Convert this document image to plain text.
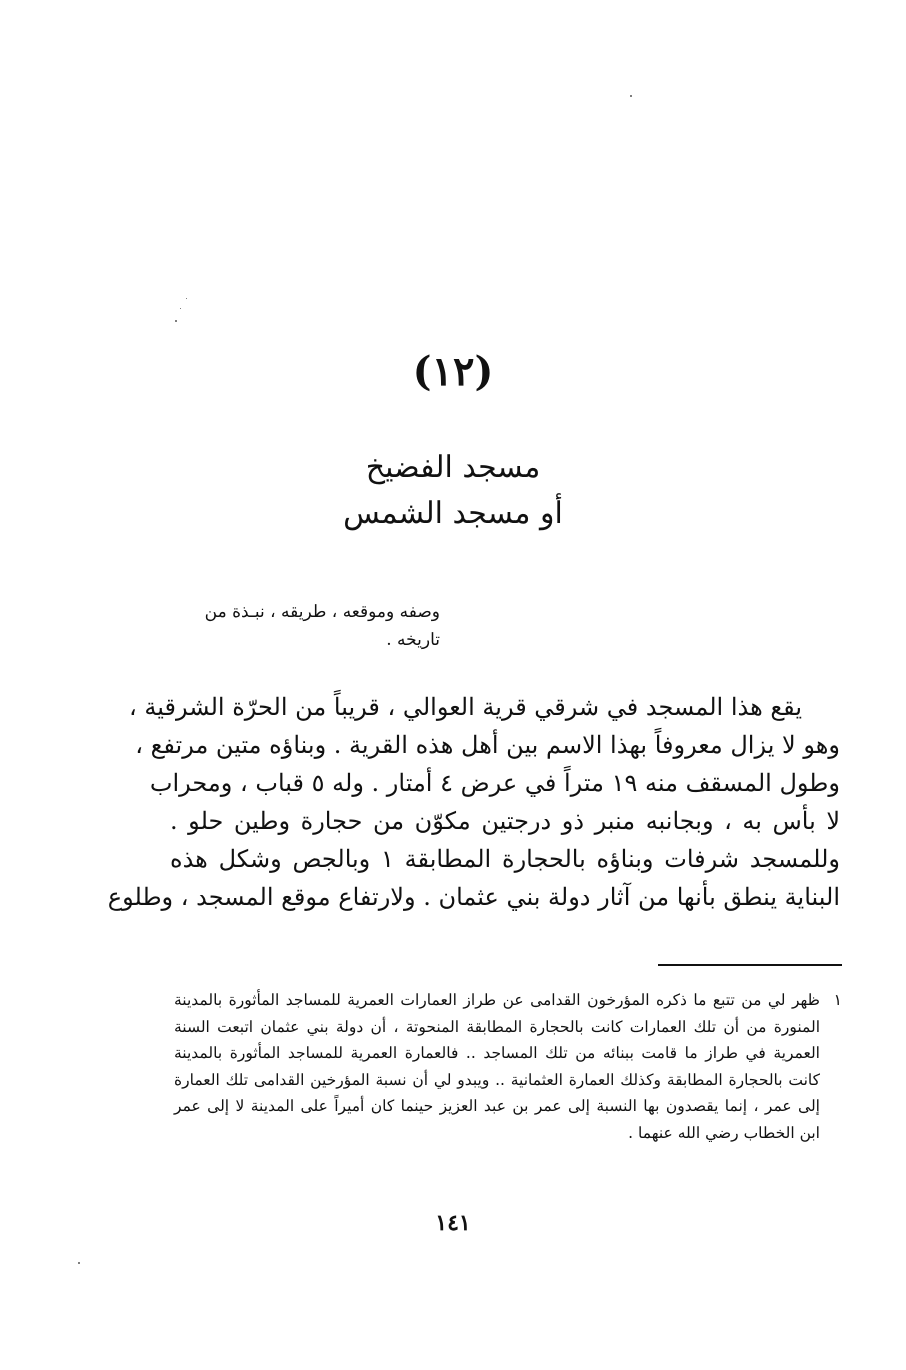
(١٢)
مسجد الفضيخ
أو مسجد الشمس
وصفه وموقعه ، طريقه ، نبـذة من
تاريخه .
يقع هذا المسجد في شرقي قرية العوالي ، قريباً من الحرّة الشرقية ،
وهو لا يزال معروفاً بهذا الاسم بين أهل هذه القرية . وبناؤه متين مرتفع ،
وطول المسقف منه ١٩ متراً في عرض ٤ أمتار . وله ٥ قباب ، ومحراب
لا بأس به ، وبجانبه منبر ذو درجتين مكوّن من حجارة وطين حلو .
وللمسجد شرفات وبناؤه بالحجارة المطابقة ١ وبالجص وشكل هذه
البناية ينطق بأنها من آثار دولة بني عثمان . ولارتفاع موقع المسجد ، وطلوع
١
ظهر لي من تتبع ما ذكره المؤرخون القدامى عن طراز العمارات العمرية للمساجد المأثورة بالمدينة
المنورة من أن تلك العمارات كانت بالحجارة المطابقة المنحوتة ، أن دولة بني عثمان اتبعت السنة
العمرية في طراز ما قامت ببنائه من تلك المساجد .. فالعمارة العمرية للمساجد المأثورة بالمدينة
كانت بالحجارة المطابقة وكذلك العمارة العثمانية .. ويبدو لي أن نسبة المؤرخين القدامى تلك العمارة
إلى عمر ، إنما يقصدون بها النسبة إلى عمر بن عبد العزيز حينما كان أميراً على المدينة لا إلى عمر
ابن الخطاب رضي الله عنهما .
١٤١
